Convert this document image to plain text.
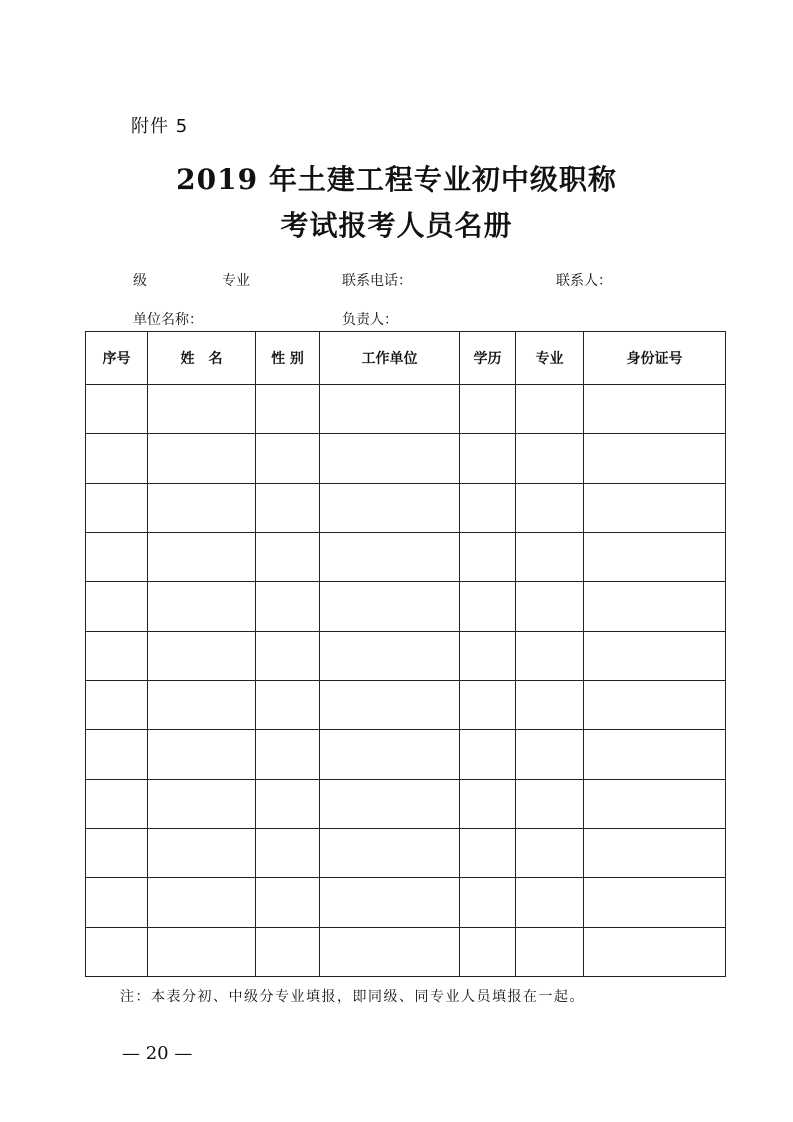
附件 5
2019 年土建工程专业初中级职称
考试报考人员名册
级	专业	联系电话：	联系人：
单位名称：	负责人：
序号	姓　名	性 别	工作单位	学历	专业	身份证号

注：本表分初、中级分专业填报，即同级、同专业人员填报在一起。
— 20 —
